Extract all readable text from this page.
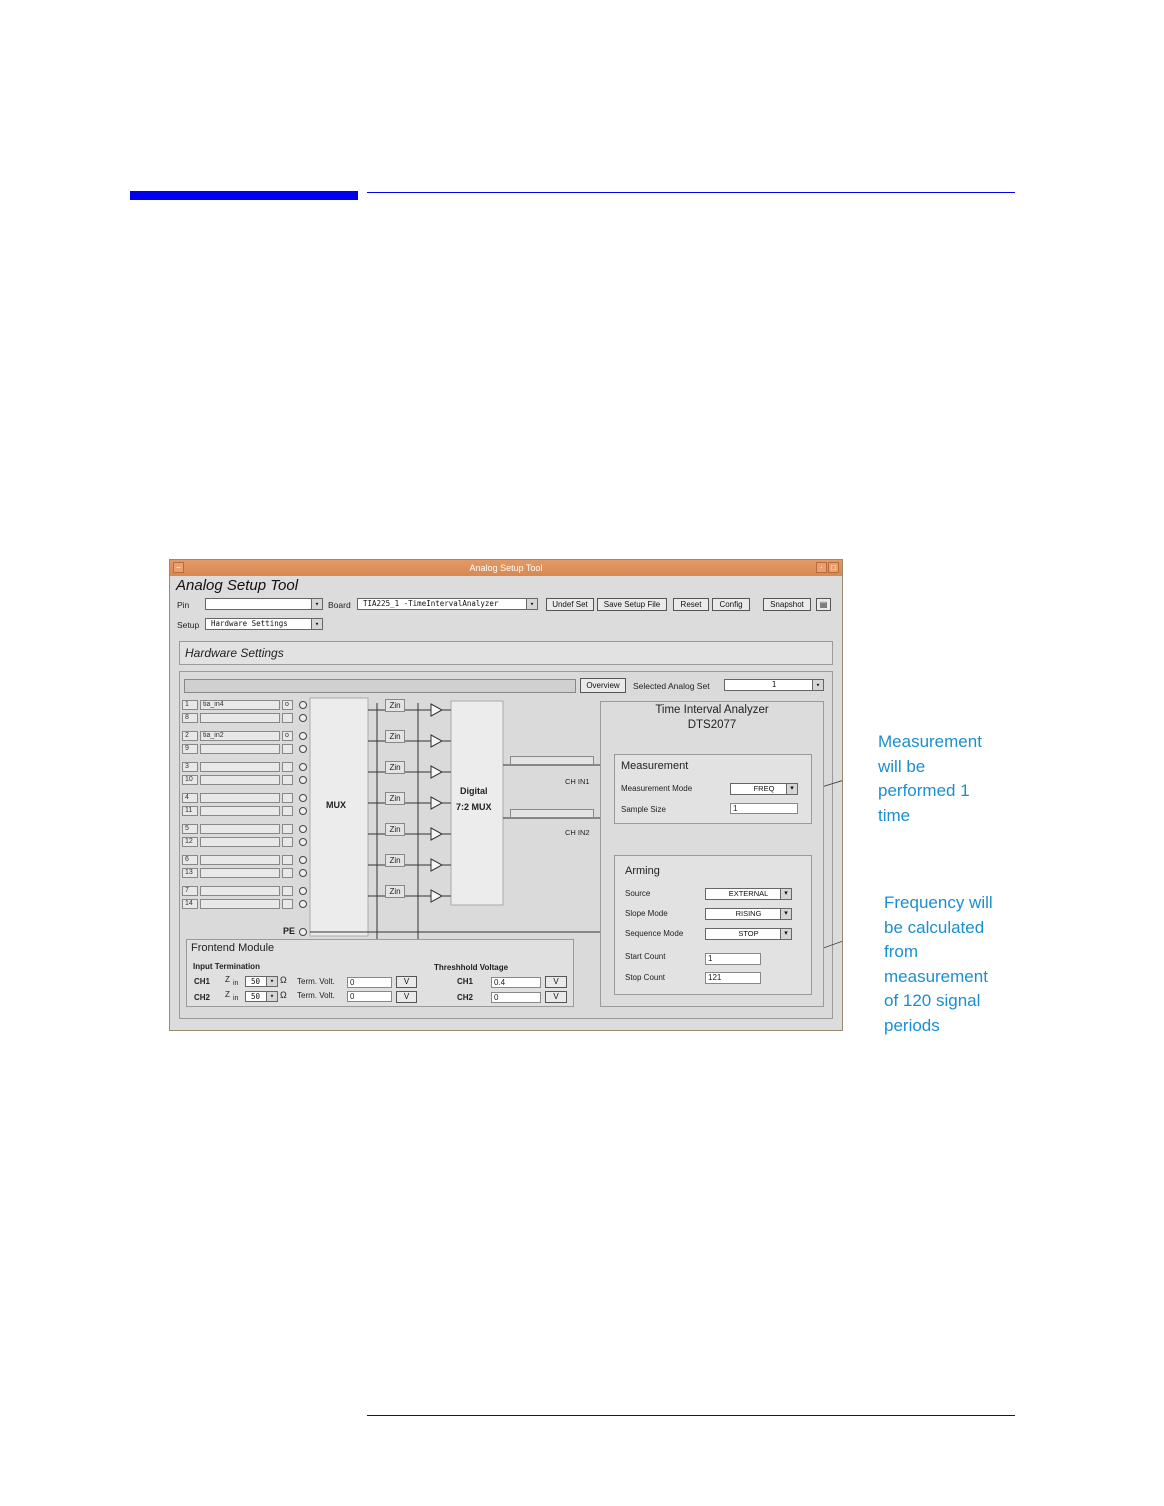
Analog Setup Tool
−	·	□
Analog Setup Tool
Pin	▾	Board	TIA225_1 -TimeIntervalAnalyzer	▾	Undef Set	Save Setup File	Reset	Config	Snapshot	▤
Setup	Hardware Settings	▾
Hardware Settings
Overview	Selected Analog Set	1	▾
MUX
Digital
7:2 MUX
CH IN1
CH IN2
Zin
Zin
Zin
Zin
Zin
Zin
Zin
1	tia_in4	o
8
2	tia_in2	o
9
3
10
4
11
5
12
6
13
7
14
PE
Frontend Module
Input Termination	Threshhold Voltage
CH1 Z in	50	▾ Ω Term. Volt.	0	V	CH1	0.4	V
CH2 Z in	50	▾ Ω Term. Volt.	0	V	CH2	0	V
Time Interval Analyzer
DTS2077
Measurement
Measurement Mode	FREQ	▾
Sample Size	1
Arming
Source	EXTERNAL	▾
Slope Mode	RISING	▾
Sequence Mode	STOP	▾
Start Count	1
Stop Count	121
Measurement
will be
performed 1
time
Frequency will
be calculated
from
measurement
of 120 signal
periods
